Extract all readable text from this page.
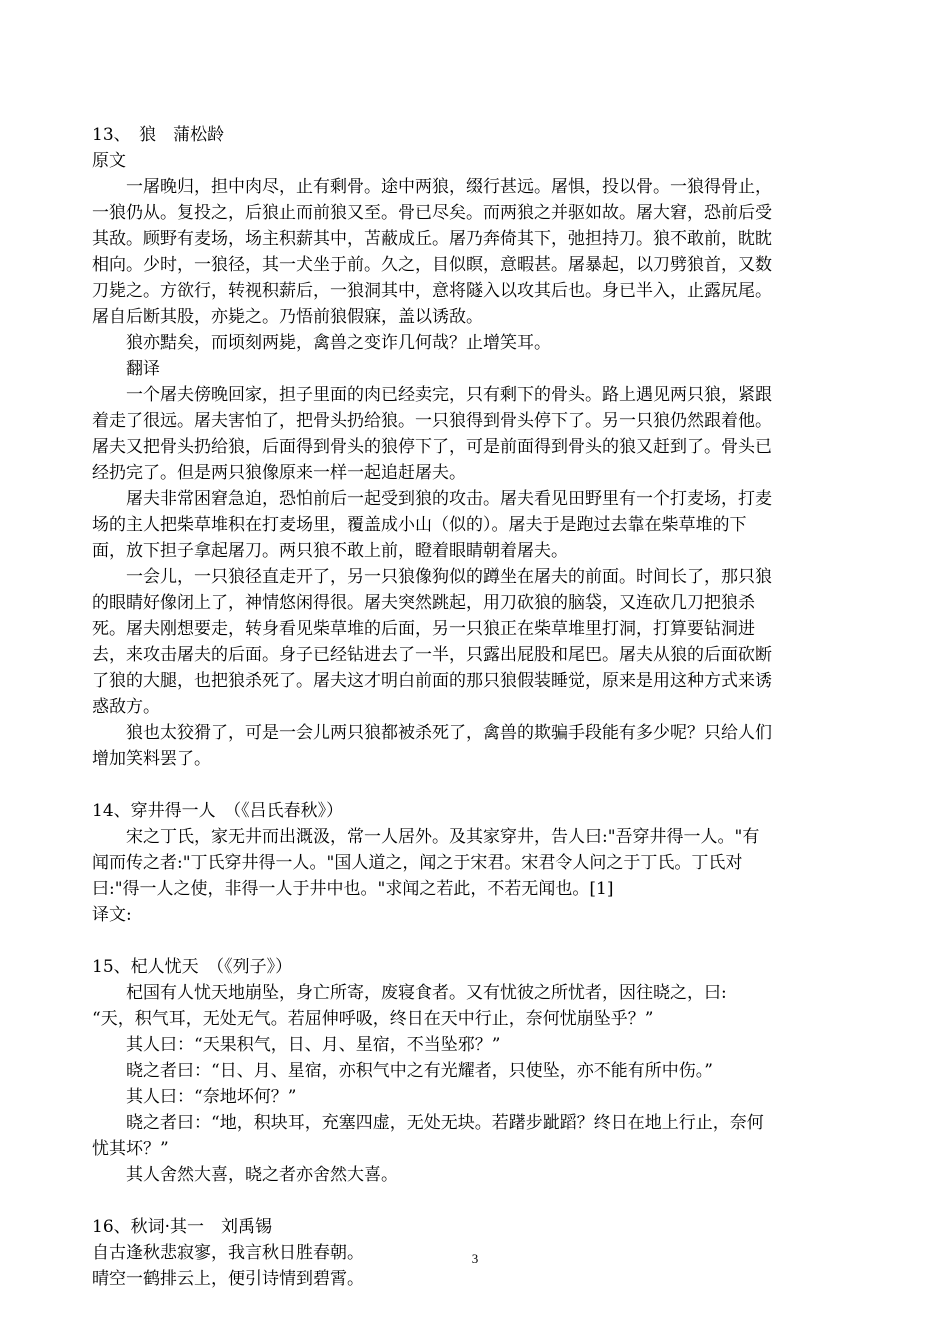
13、　狼　蒲松龄
原文
一屠晚归，担中肉尽，止有剩骨。途中两狼，缀行甚远。屠惧，投以骨。一狼得骨止，
一狼仍从。复投之，后狼止而前狼又至。骨已尽矣。而两狼之并驱如故。屠大窘，恐前后受
其敌。顾野有麦场，场主积薪其中，苫蔽成丘。屠乃奔倚其下，弛担持刀。狼不敢前，眈眈
相向。少时，一狼径，其一犬坐于前。久之，目似瞑，意暇甚。屠暴起，以刀劈狼首，又数
刀毙之。方欲行，转视积薪后，一狼洞其中，意将隧入以攻其后也。身已半入，止露尻尾。
屠自后断其股，亦毙之。乃悟前狼假寐，盖以诱敌。
狼亦黠矣，而顷刻两毙，禽兽之变诈几何哉？止增笑耳。
翻译
一个屠夫傍晚回家，担子里面的肉已经卖完，只有剩下的骨头。路上遇见两只狼，紧跟
着走了很远。屠夫害怕了，把骨头扔给狼。一只狼得到骨头停下了。另一只狼仍然跟着他。
屠夫又把骨头扔给狼，后面得到骨头的狼停下了，可是前面得到骨头的狼又赶到了。骨头已
经扔完了。但是两只狼像原来一样一起追赶屠夫。
屠夫非常困窘急迫，恐怕前后一起受到狼的攻击。屠夫看见田野里有一个打麦场，打麦
场的主人把柴草堆积在打麦场里，覆盖成小山（似的）。屠夫于是跑过去靠在柴草堆的下
面，放下担子拿起屠刀。两只狼不敢上前，瞪着眼睛朝着屠夫。
一会儿，一只狼径直走开了，另一只狼像狗似的蹲坐在屠夫的前面。时间长了，那只狼
的眼睛好像闭上了，神情悠闲得很。屠夫突然跳起，用刀砍狼的脑袋，又连砍几刀把狼杀
死。屠夫刚想要走，转身看见柴草堆的后面，另一只狼正在柴草堆里打洞，打算要钻洞进
去，来攻击屠夫的后面。身子已经钻进去了一半，只露出屁股和尾巴。屠夫从狼的后面砍断
了狼的大腿，也把狼杀死了。屠夫这才明白前面的那只狼假装睡觉，原来是用这种方式来诱
惑敌方。
狼也太狡猾了，可是一会儿两只狼都被杀死了，禽兽的欺骗手段能有多少呢？只给人们
增加笑料罢了。
14、穿井得一人　（《吕氏春秋》）
宋之丁氏，家无井而出溉汲，常一人居外。及其家穿井，告人曰:"吾穿井得一人。"有
闻而传之者:"丁氏穿井得一人。"国人道之，闻之于宋君。宋君令人问之于丁氏。丁氏对
曰:"得一人之使，非得一人于井中也。"求闻之若此，不若无闻也。[1]
译文:
15、杞人忧天　（《列子》）
杞国有人忧天地崩坠，身亡所寄，废寝食者。又有忧彼之所忧者，因往晓之，曰:
“天，积气耳，无处无气。若屈伸呼吸，终日在天中行止，奈何忧崩坠乎？”
其人曰：“天果积气，日、月、星宿，不当坠邪？”
晓之者曰：“日、月、星宿，亦积气中之有光耀者，只使坠，亦不能有所中伤。”
其人曰：“奈地坏何？”
晓之者曰：“地，积块耳，充塞四虚，无处无块。若躇步跐蹈？终日在地上行止，奈何
忧其坏？”
其人舍然大喜，晓之者亦舍然大喜。
16、秋词·其一　刘禹锡
自古逢秋悲寂寥，我言秋日胜春朝。
晴空一鹤排云上，便引诗情到碧霄。
3
